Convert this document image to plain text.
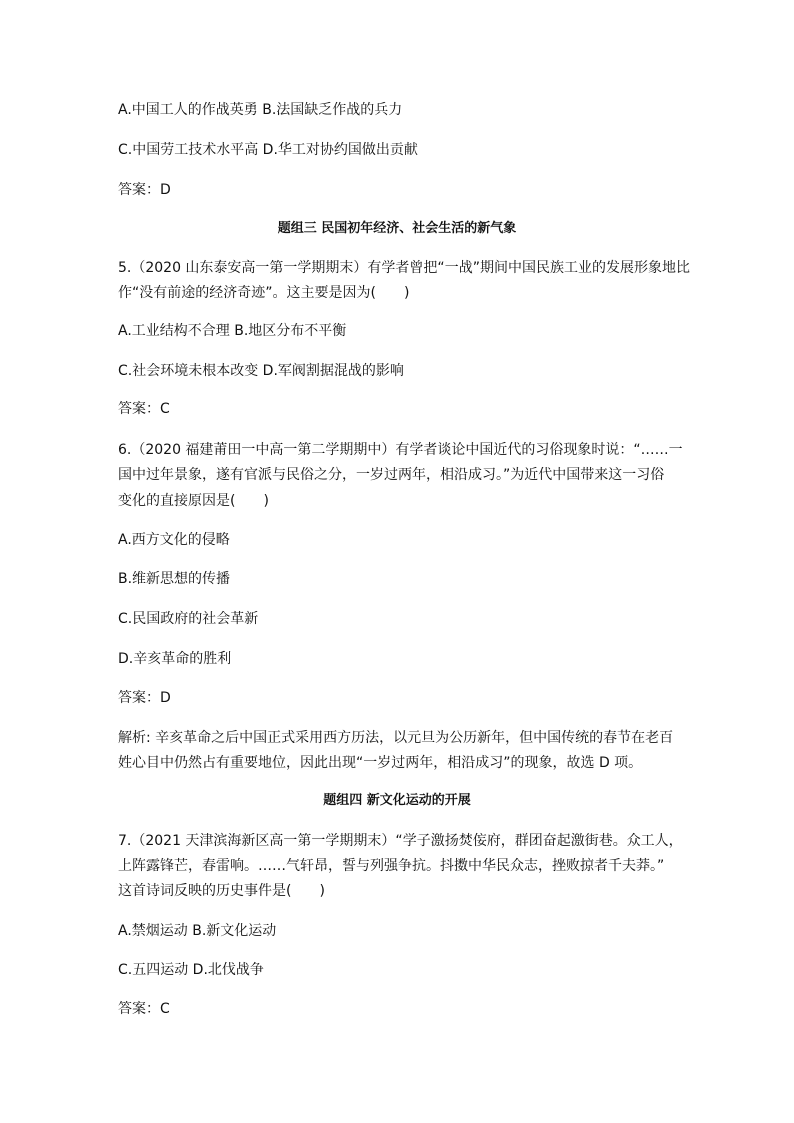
A.中国工人的作战英勇 B.法国缺乏作战的兵力
C.中国劳工技术水平高 D.华工对协约国做出贡献
答案：D
题组三 民国初年经济、社会生活的新气象
5.（2020 山东泰安高一第一学期期末）有学者曾把“一战”期间中国民族工业的发展形象地比
作“没有前途的经济奇迹”。这主要是因为(　　)
A.工业结构不合理 B.地区分布不平衡
C.社会环境未根本改变 D.军阀割据混战的影响
答案：C
6.（2020 福建莆田一中高一第二学期期中）有学者谈论中国近代的习俗现象时说：“……一
国中过年景象，遂有官派与民俗之分，一岁过两年，相沿成习。”为近代中国带来这一习俗
变化的直接原因是(　　)
A.西方文化的侵略
B.维新思想的传播
C.民国政府的社会革新
D.辛亥革命的胜利
答案：D
解析: 辛亥革命之后中国正式采用西方历法，以元旦为公历新年，但中国传统的春节在老百
姓心目中仍然占有重要地位，因此出现“一岁过两年，相沿成习”的现象，故选 D 项。
题组四 新文化运动的开展
7.（2021 天津滨海新区高一第一学期期末）“学子激扬焚侫府，群团奋起激街巷。众工人，
上阵露锋芒，春雷响。……气轩昂，誓与列强争抗。抖擞中华民众志，挫败掠者千夫莽。”
这首诗词反映的历史事件是(　　)
A.禁烟运动 B.新文化运动
C.五四运动 D.北伐战争
答案：C
